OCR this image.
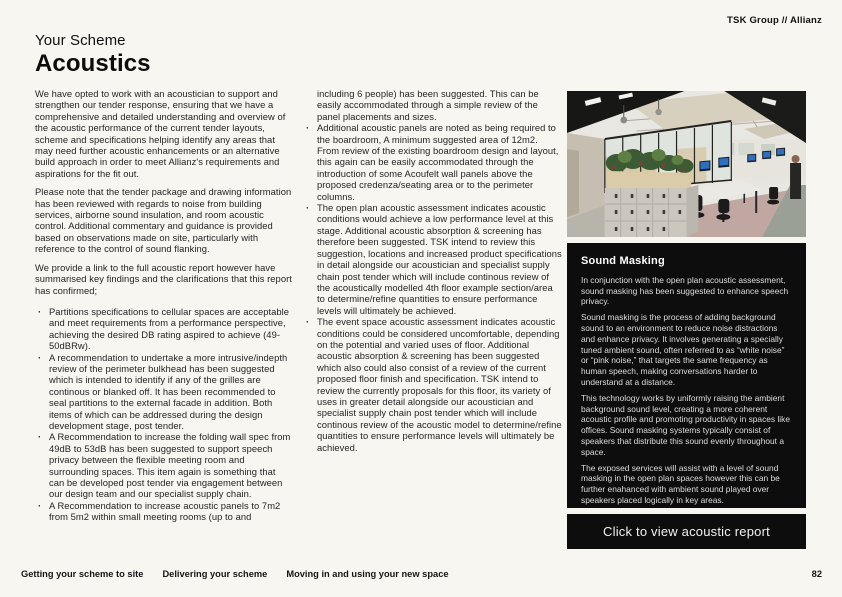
TSK Group // Allianz
Your Scheme
Acoustics

We have opted to work with an acoustician to support and strengthen our tender response, ensuring that we have a comprehensive and detailed understanding and overview of the acoustic performance of the current tender layouts, scheme and specifications helping identify any areas that may need further acoustic enhancements or an alternative build approach in order to meet Allianz's requirements and aspirations for the fit out.

Please note that the tender package and drawing information has been reviewed with regards to noise from building services, airborne sound insulation, and room acoustic control. Additional commentary and guidance is provided based on observations made on site, particularly with reference to the control of sound flanking.

We provide a link to the full acoustic report however have summarised key findings and the clarifications that this report has confirmed;

· Partitions specifications to cellular spaces are acceptable and meet requirements from a performance perspective, achieving the desired DB rating aspired to achieve (49-50dBRw).
· A recommendation to undertake a more intrusive/indepth review of the perimeter bulkhead has been suggested which is intended to identify if any of the grilles are continous or blanked off. It has been recommended to seal partitions to the external facade in addition. Both items of which can be addressed during the design development stage, post tender.
· A Recommendation to increase the folding wall spec from 49dB to 53dB has been suggested to support speech privacy between the flexible meeting room and surrounding spaces. This item again is something that can be developed post tender via engagement between our design team and our specialist supply chain.
· A Recommendation to increase acoustic panels to 7m2 from 5m2 within small meeting rooms (up to and
including 6 people) has been suggested. This can be easily accommodated through a simple review of the panel placements and sizes.
· Additional acoustic panels are noted as being required to the boardroom, A minimum suggested area of 12m2. From review of the existing boardroom design and layout, this again can be easily accommodated through the introduction of some Acoufelt wall panels above the proposed credenza/seating area or to the perimeter columns.
· The open plan acoustic assessment indicates acoustic conditions would achieve a low performance level at this stage. Additional acoustic absorption & screening has therefore been suggested. TSK intend to review this suggestion, locations and increased product specifications in detail alongside our acoustician and specialist supply chain post tender which will include continous review of the acoustically modelled 4th floor example section/area to determine/refine quantities to ensure performance levels will ultimately be achieved.
· The event space acoustic assessment indicates acoustic conditions could be considered uncomfortable, depending on the potential and varied uses of floor. Additional acoustic absorption & screening has been suggested which also could also consist of a review of the current proposed floor finish and specification. TSK intend to review the currently proposals for this floor, its variety of uses in greater detail alongside our acoustician and specialist supply chain post tender which will include continous review of the acoustic model to determine/refine quantities to ensure performance levels will ultimately be achieved.
Sound Masking

In conjunction with the open plan acoustic assessment, sound masking has been suggested to enhance speech privacy.

Sound masking is the process of adding background sound to an environment to reduce noise distractions and enhance privacy. It involves generating a specially tuned ambient sound, often referred to as “white noise” or “pink noise,” that targets the same frequency as human speech, making conversations harder to understand at a distance.

This technology works by uniformly raising the ambient background sound level, creating a more coherent acoustic profile and promoting productivity in spaces like offices. Sound masking systems typically consist of speakers that distribute this sound evenly throughout a space.

The exposed services will assist with a level of sound masking in the open plan spaces however this can be further enahanced with ambient sound played over speakers placed logically in key areas.

Click to view acoustic report
Getting your scheme to site Delivering your scheme Moving in and using your new space	82
